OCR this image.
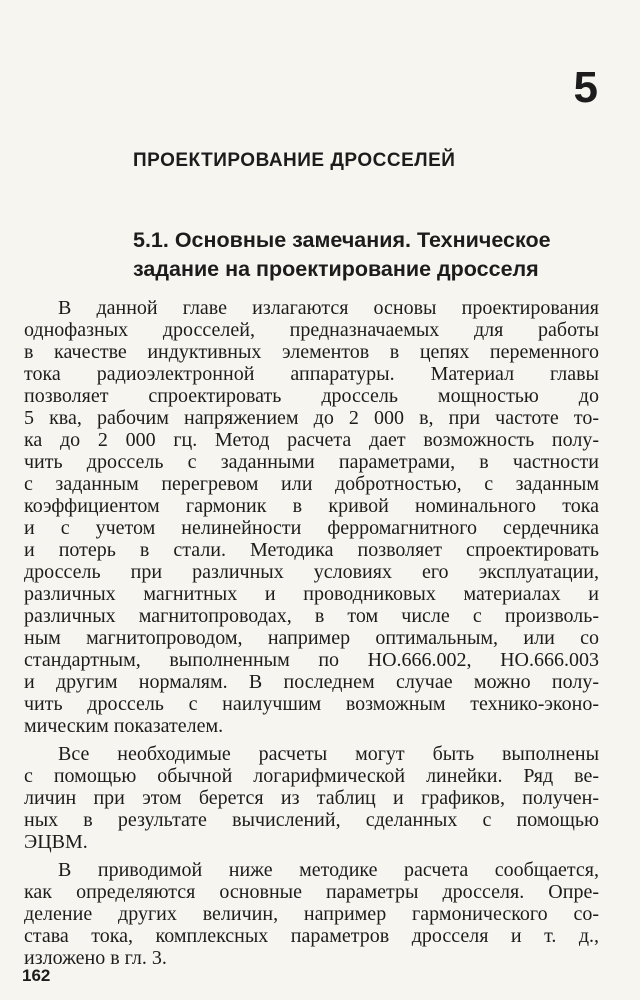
5
ПРОЕКТИРОВАНИЕ ДРОССЕЛЕЙ
5.1. Основные замечания. Техническое
задание на проектирование дросселя
В данной главе излагаются основы проектирования
однофазных дросселей, предназначаемых для работы
в качестве индуктивных элементов в цепях переменного
тока радиоэлектронной аппаратуры. Материал главы
позволяет спроектировать дроссель мощностью до
5 ква, рабочим напряжением до 2 000 в, при частоте то-
ка до 2 000 гц. Метод расчета дает возможность полу-
чить дроссель с заданными параметрами, в частности
с заданным перегревом или добротностью, с заданным
коэффициентом гармоник в кривой номинального тока
и с учетом нелинейности ферромагнитного сердечника
и потерь в стали. Методика позволяет спроектировать
дроссель при различных условиях его эксплуатации,
различных магнитных и проводниковых материалах и
различных магнитопроводах, в том числе с произволь-
ным магнитопроводом, например оптимальным, или со
стандартным, выполненным по НО.666.002, НО.666.003
и другим нормалям. В последнем случае можно полу-
чить дроссель с наилучшим возможным технико-эконо-
мическим показателем.
Все необходимые расчеты могут быть выполнены
с помощью обычной логарифмической линейки. Ряд ве-
личин при этом берется из таблиц и графиков, получен-
ных в результате вычислений, сделанных с помощью
ЭЦВМ.
В приводимой ниже методике расчета сообщается,
как определяются основные параметры дросселя. Опре-
деление других величин, например гармонического со-
става тока, комплексных параметров дросселя и т. д.,
изложено в гл. 3.
162
